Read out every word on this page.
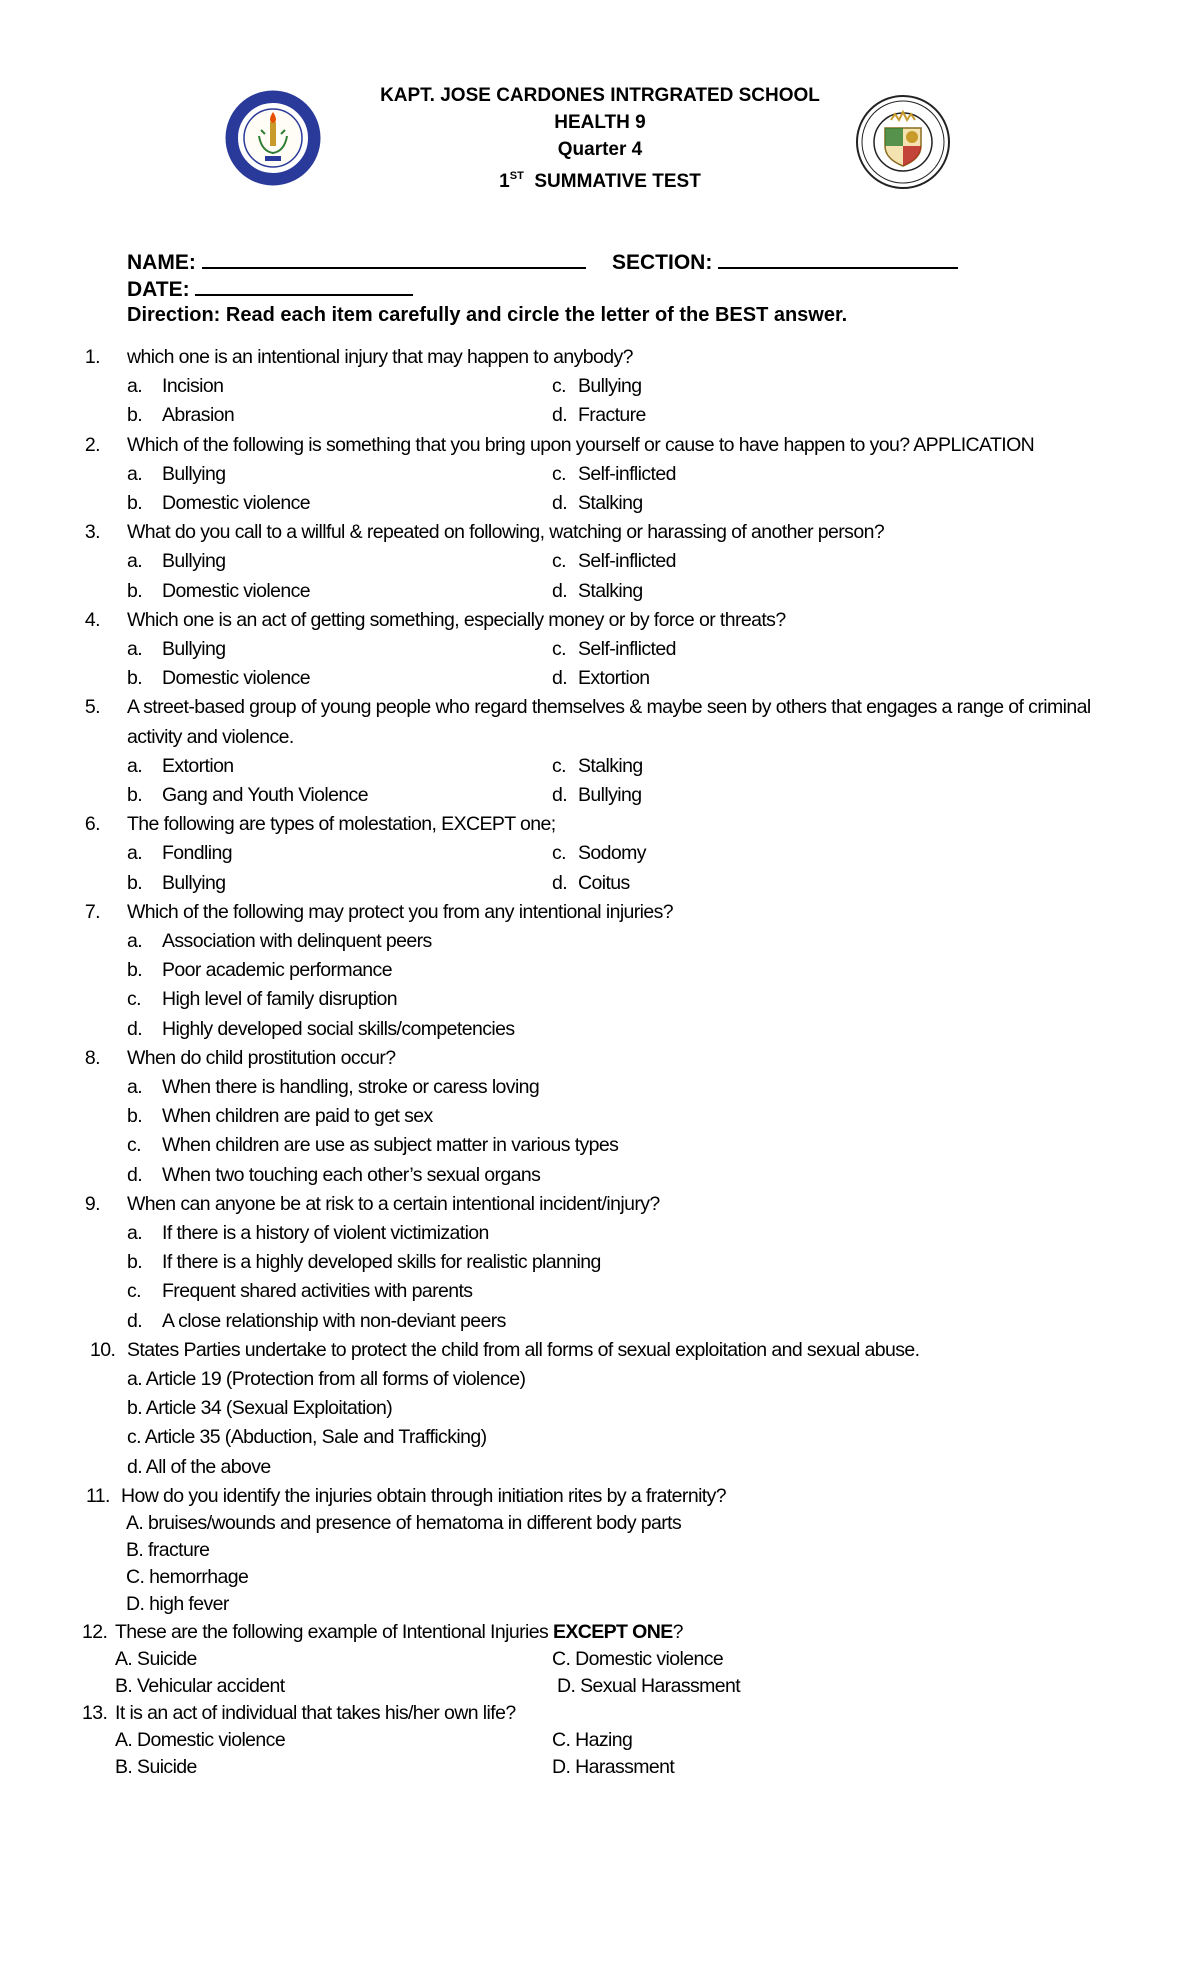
KAPT. JOSE CARDONES INTRGRATED SCHOOL
HEALTH 9
Quarter 4
1ST SUMMATIVE TEST
NAME:	SECTION:
DATE:
Direction: Read each item carefully and circle the letter of the BEST answer.
1. which one is an intentional injury that may happen to anybody?
a. Incision	c. Bullying
b. Abrasion	d. Fracture
2. Which of the following is something that you bring upon yourself or cause to have happen to you? APPLICATION
a. Bullying	c. Self-inflicted
b. Domestic violence	d. Stalking
3. What do you call to a willful & repeated on following, watching or harassing of another person?
a. Bullying	c. Self-inflicted
b. Domestic violence	d. Stalking
4. Which one is an act of getting something, especially money or by force or threats?
a. Bullying	c. Self-inflicted
b. Domestic violence	d. Extortion
5. A street-based group of young people who regard themselves & maybe seen by others that engages a range of criminal
activity and violence.
a. Extortion	c. Stalking
b. Gang and Youth Violence	d. Bullying
6. The following are types of molestation, EXCEPT one;
a. Fondling	c. Sodomy
b. Bullying	d. Coitus
7. Which of the following may protect you from any intentional injuries?
a. Association with delinquent peers
b. Poor academic performance
c. High level of family disruption
d. Highly developed social skills/competencies
8. When do child prostitution occur?
a. When there is handling, stroke or caress loving
b. When children are paid to get sex
c. When children are use as subject matter in various types
d. When two touching each other’s sexual organs
9. When can anyone be at risk to a certain intentional incident/injury?
a. If there is a history of violent victimization
b. If there is a highly developed skills for realistic planning
c. Frequent shared activities with parents
d. A close relationship with non-deviant peers
10. States Parties undertake to protect the child from all forms of sexual exploitation and sexual abuse.
a. Article 19 (Protection from all forms of violence)
b. Article 34 (Sexual Exploitation)
c. Article 35 (Abduction, Sale and Trafficking)
d. All of the above
11. How do you identify the injuries obtain through initiation rites by a fraternity?
A. bruises/wounds and presence of hematoma in different body parts
B. fracture
C. hemorrhage
D. high fever
12. These are the following example of Intentional Injuries EXCEPT ONE?
A. Suicide	C. Domestic violence
B. Vehicular accident	D. Sexual Harassment
13. It is an act of individual that takes his/her own life?
A. Domestic violence	C. Hazing
B. Suicide	D. Harassment
